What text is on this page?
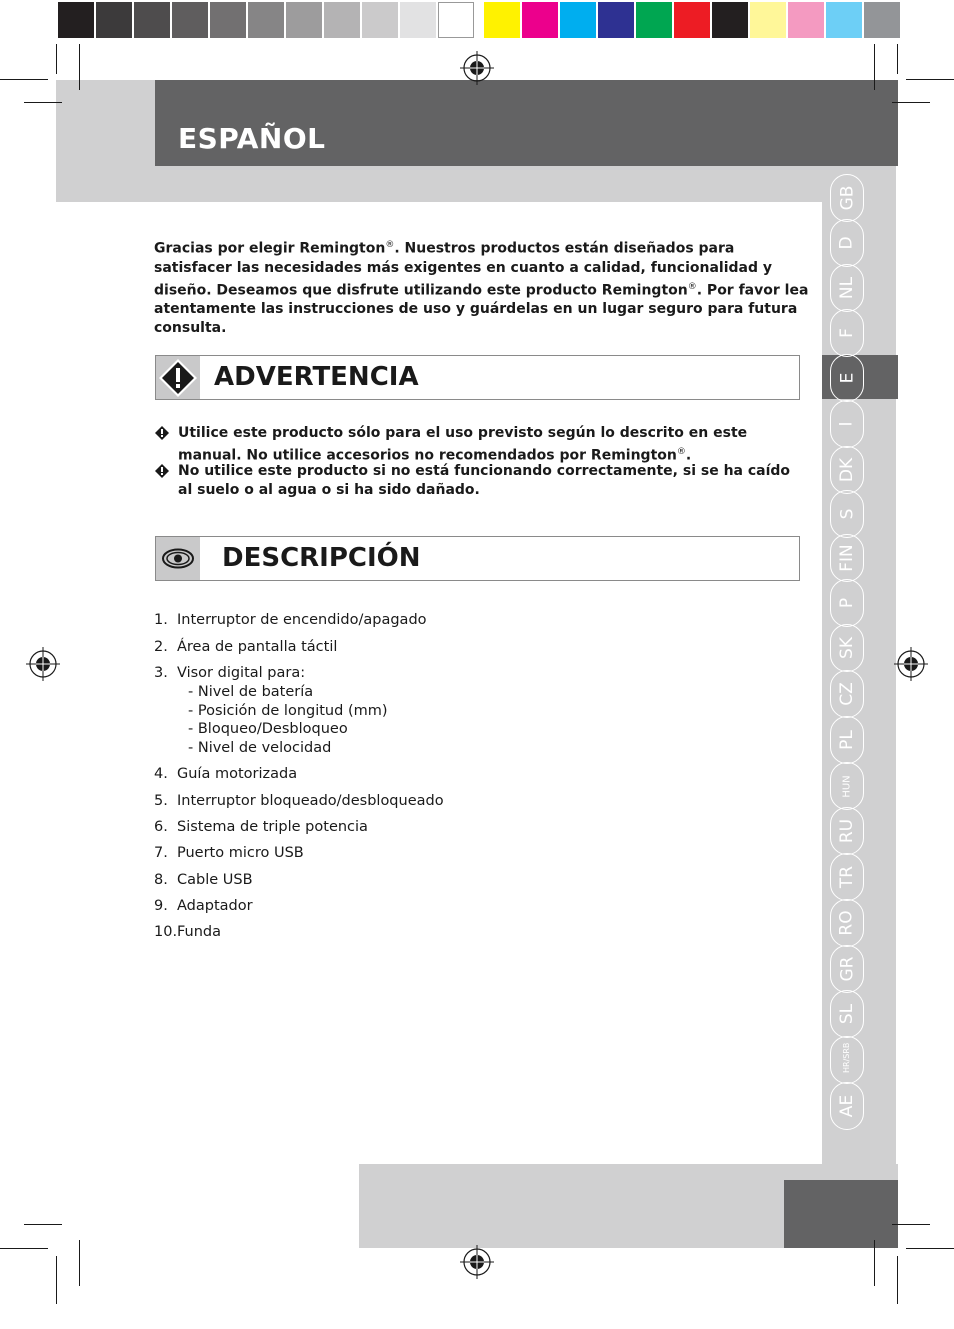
ESPAÑOL
GB
D
NL
F
E
I
DK
S
FIN
P
SK
CZ
PL
HUN
RU
TR
RO
GR
SL
HR/SRB
AE
Gracias por elegir Remington®. Nuestros productos están diseñados para satisfacer las necesidades más exigentes en cuanto a calidad, funcionalidad y diseño. Deseamos que disfrute utilizando este producto Remington®. Por favor lea atentamente las instrucciones de uso y guárdelas en un lugar seguro para futura consulta.
ADVERTENCIA
Utilice este producto sólo para el uso previsto según lo descrito en este manual. No utilice accesorios no recomendados por Remington®.
No utilice este producto si no está funcionando correctamente, si se ha caído al suelo o al agua o si ha sido dañado.
DESCRIPCIÓN
1. Interruptor de encendido/apagado
2. Área de pantalla táctil
3. Visor digital para:
- Nivel de batería
- Posición de longitud (mm)
- Bloqueo/Desbloqueo
- Nivel de velocidad
4. Guía motorizada
5. Interruptor bloqueado/desbloqueado
6. Sistema de triple potencia
7. Puerto micro USB
8. Cable USB
9. Adaptador
10.Funda
